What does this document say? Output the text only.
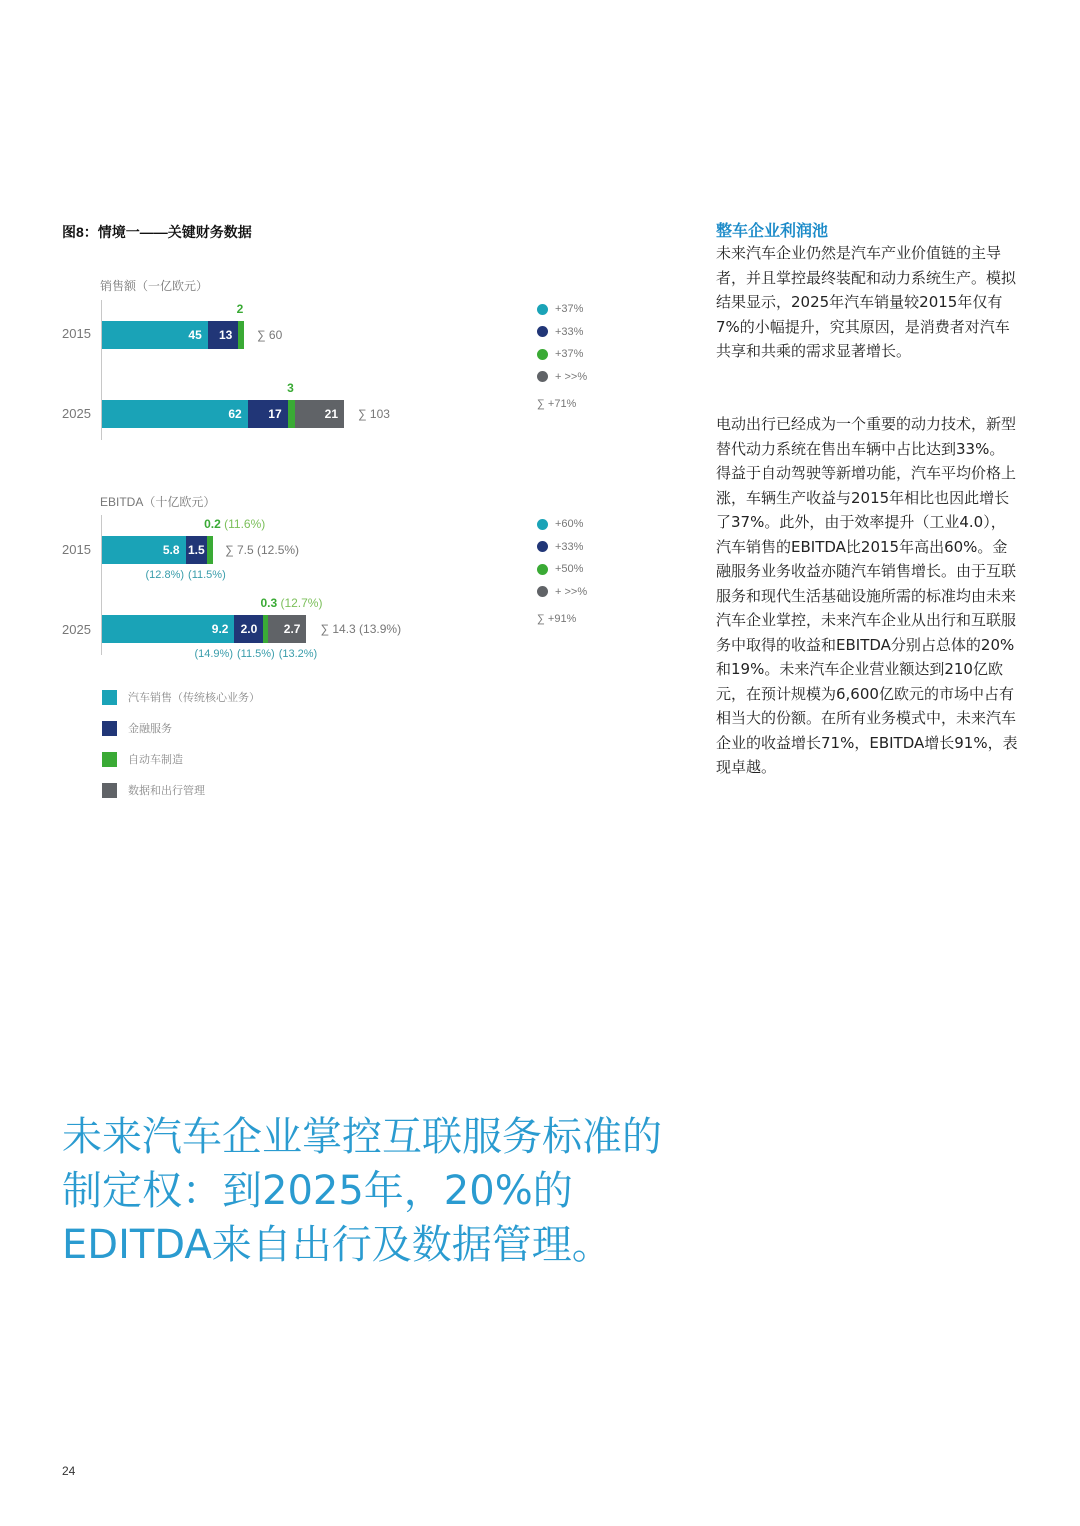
图8：情境一——关键财务数据
销售额（一亿欧元）
2015
2025
45	13
2
∑ 60
62	17	21
3
∑ 103
+37%
+33%
+37%
+ >>%
∑ +71%
EBITDA（十亿欧元）
2015
2025
5.8 1.5
0.2 (11.6%)
∑ 7.5 (12.5%)
(12.8%) (11.5%)
9.2	2.0	2.7
0.3 (12.7%)
∑ 14.3 (13.9%)
(14.9%) (11.5%) (13.2%)
+60%
+33%
+50%
+ >>%
∑ +91%
汽车销售（传统核心业务）
金融服务
自动车制造
数据和出行管理
整车企业利润池
未来汽车企业仍然是汽车产业价值链的主导者，并且掌控最终装配和动力系统生产。模拟结果显示，2025年汽车销量较2015年仅有7%的小幅提升，究其原因，是消费者对汽车共享和共乘的需求显著增长。
电动出行已经成为一个重要的动力技术，新型替代动力系统在售出车辆中占比达到33%。得益于自动驾驶等新增功能，汽车平均价格上涨，车辆生产收益与2015年相比也因此增长了37%。此外，由于效率提升（工业4.0），汽车销售的EBITDA比2015年高出60%。金融服务业务收益亦随汽车销售增长。由于互联服务和现代生活基础设施所需的标准均由未来汽车企业掌控，未来汽车企业从出行和互联服务中取得的收益和EBITDA分别占总体的20%和19%。未来汽车企业营业额达到210亿欧元，在预计规模为6,600亿欧元的市场中占有相当大的份额。在所有业务模式中，未来汽车企业的收益增长71%，EBITDA增长91%，表现卓越。
未来汽车企业掌控互联服务标准的制定权：到2025年，20%的EDITDA来自出行及数据管理。
24
